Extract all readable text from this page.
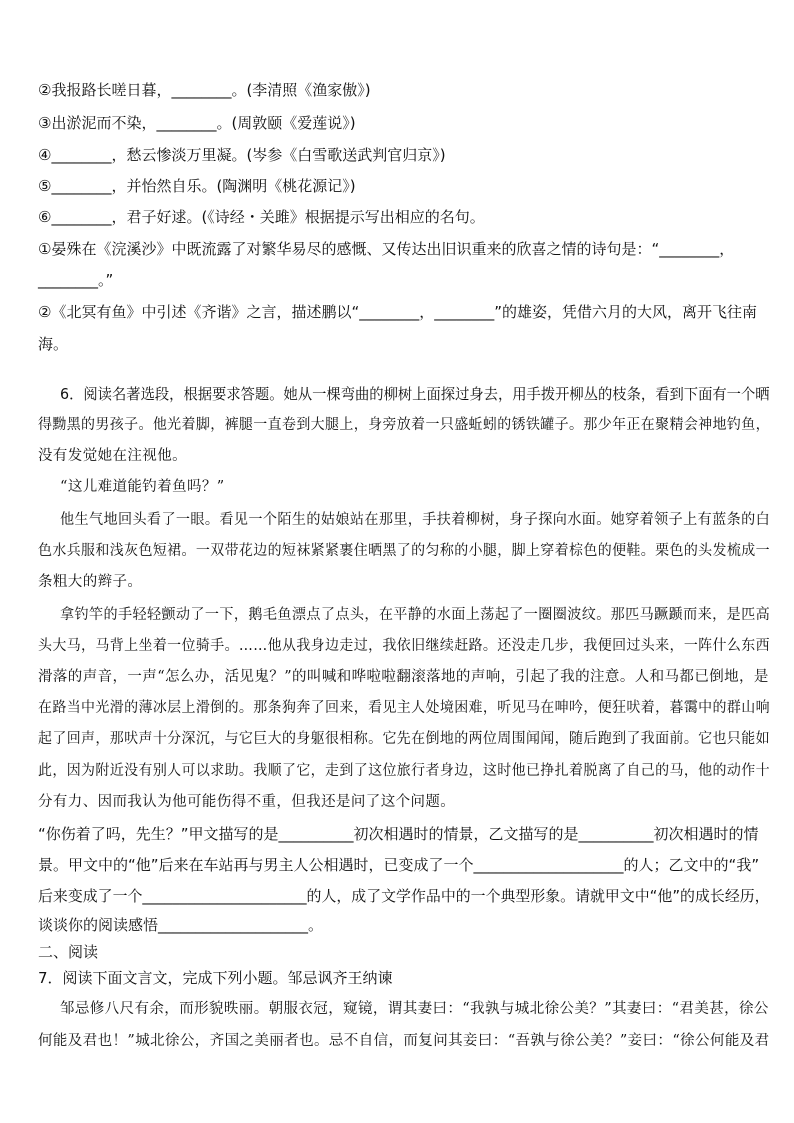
②我报路长嗟日暮，________。(李清照《渔家傲》)
③出淤泥而不染，________。(周敦颐《爱莲说》)
④________，愁云惨淡万里凝。(岑参《白雪歌送武判官归京》)
⑤________，并怡然自乐。(陶渊明《桃花源记》)
⑥________，君子好逑。(《诗经・关雎》根据提示写出相应的名句。
①晏殊在《浣溪沙》中既流露了对繁华易尽的感慨、又传达出旧识重来的欣喜之情的诗句是：“________，
________。”
②《北冥有鱼》中引述《齐谐》之言，描述鹏以“________，________”的雄姿，凭借六月的大风，离开飞往南
海。
6．阅读名著选段，根据要求答题。她从一棵弯曲的柳树上面探过身去，用手拨开柳丛的枝条，看到下面有一个晒
得黝黑的男孩子。他光着脚，裤腿一直卷到大腿上，身旁放着一只盛蚯蚓的锈铁罐子。那少年正在聚精会神地钓鱼，
没有发觉她在注视他。
“这儿难道能钓着鱼吗？”
他生气地回头看了一眼。看见一个陌生的姑娘站在那里，手扶着柳树，身子探向水面。她穿着领子上有蓝条的白
色水兵服和浅灰色短裙。一双带花边的短袜紧紧裹住晒黑了的匀称的小腿，脚上穿着棕色的便鞋。栗色的头发梳成一
条粗大的辫子。
拿钓竿的手轻轻颤动了一下，鹅毛鱼漂点了点头，在平静的水面上荡起了一圈圈波纹。那匹马蹶踬而来，是匹高
头大马，马背上坐着一位骑手。……他从我身边走过，我依旧继续赶路。还没走几步，我便回过头来，一阵什么东西
滑落的声音，一声“怎么办，活见鬼？”的叫喊和哗啦啦翻滚落地的声响，引起了我的注意。人和马都已倒地，是
在路当中光滑的薄冰层上滑倒的。那条狗奔了回来，看见主人处境困难，听见马在呻吟，便狂吠着，暮霭中的群山响
起了回声，那吠声十分深沉，与它巨大的身躯很相称。它先在倒地的两位周围闻闻，随后跑到了我面前。它也只能如
此，因为附近没有别人可以求助。我顺了它，走到了这位旅行者身边，这时他已挣扎着脱离了自己的马，他的动作十
分有力、因而我认为他可能伤得不重，但我还是问了这个问题。
“你伤着了吗，先生？”甲文描写的是__________初次相遇时的情景，乙文描写的是__________初次相遇时的情
景。甲文中的“他”后来在车站再与男主人公相遇时，已变成了一个____________________的人；乙文中的“我”
后来变成了一个______________________的人，成了文学作品中的一个典型形象。请就甲文中“他”的成长经历，
谈谈你的阅读感悟____________________。
二、阅读
7．阅读下面文言文，完成下列小题。邹忌讽齐王纳谏
邹忌修八尺有余，而形貌昳丽。朝服衣冠，窥镜，谓其妻曰：“我孰与城北徐公美？”其妻曰：“君美甚，徐公
何能及君也！”城北徐公，齐国之美丽者也。忌不自信，而复问其妾曰：“吾孰与徐公美？”妾曰：“徐公何能及君
